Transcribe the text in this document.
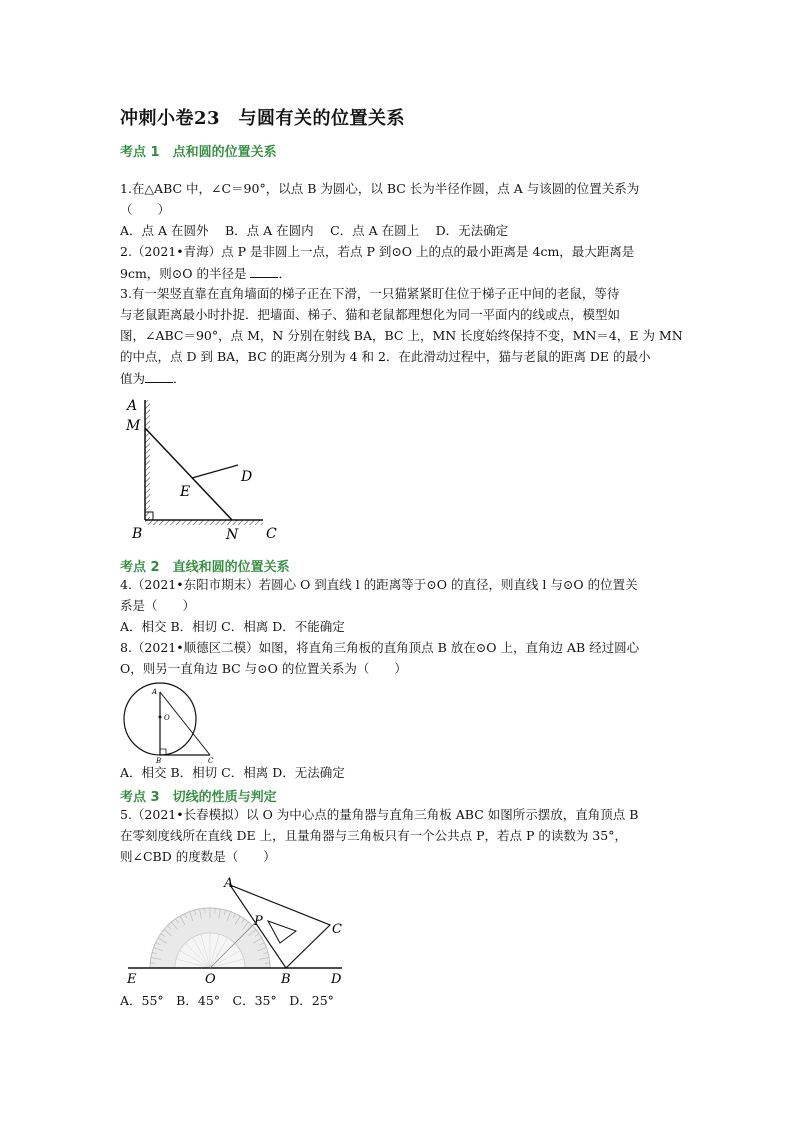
冲刺小卷23　与圆有关的位置关系
考点 1　点和圆的位置关系
1.在△ABC 中，∠C＝90°，以点 B 为圆心，以 BC 长为半径作圆，点 A 与该圆的位置关系为
（　　）
A．点 A 在圆外　 B．点 A 在圆内　 C．点 A 在圆上　 D．无法确定
2.（2021•青海）点 P 是非圆上一点，若点 P 到⊙O 上的点的最小距离是 4cm，最大距离是
9cm，则⊙O 的半径是 ．
3.有一架竖直靠在直角墙面的梯子正在下滑，一只猫紧紧盯住位于梯子正中间的老鼠，等待
与老鼠距离最小时扑捉．把墙面、梯子、猫和老鼠都理想化为同一平面内的线或点，模型如
图，∠ABC＝90°，点 M，N 分别在射线 BA，BC 上，MN 长度始终保持不变，MN＝4，E 为 MN
的中点，点 D 到 BA，BC 的距离分别为 4 和 2．在此滑动过程中，猫与老鼠的距离 DE 的最小
值为 ．
A
M
E
D
B	N C
考点 2　直线和圆的位置关系
4.（2021•东阳市期末）若圆心 O 到直线 l 的距离等于⊙O 的直径，则直线 l 与⊙O 的位置关
系是（　　）
A．相交 B．相切 C．相离 D．不能确定
8.（2021•顺德区二模）如图，将直角三角板的直角顶点 B 放在⊙O 上，直角边 AB 经过圆心
O，则另一直角边 BC 与⊙O 的位置关系为（　　）
A
O
B	C
A．相交 B．相切 C．相离 D．无法确定
考点 3　切线的性质与判定
5.（2021•长春模拟）以 O 为中心点的量角器与直角三角板 ABC 如图所示摆放，直角顶点 B
在零刻度线所在直线 DE 上，且量角器与三角板只有一个公共点 P，若点 P 的读数为 35°，
则∠CBD 的度数是（　　）
A
P
C
E	O	B	D
A．55°　B．45°　C．35°　D．25°
